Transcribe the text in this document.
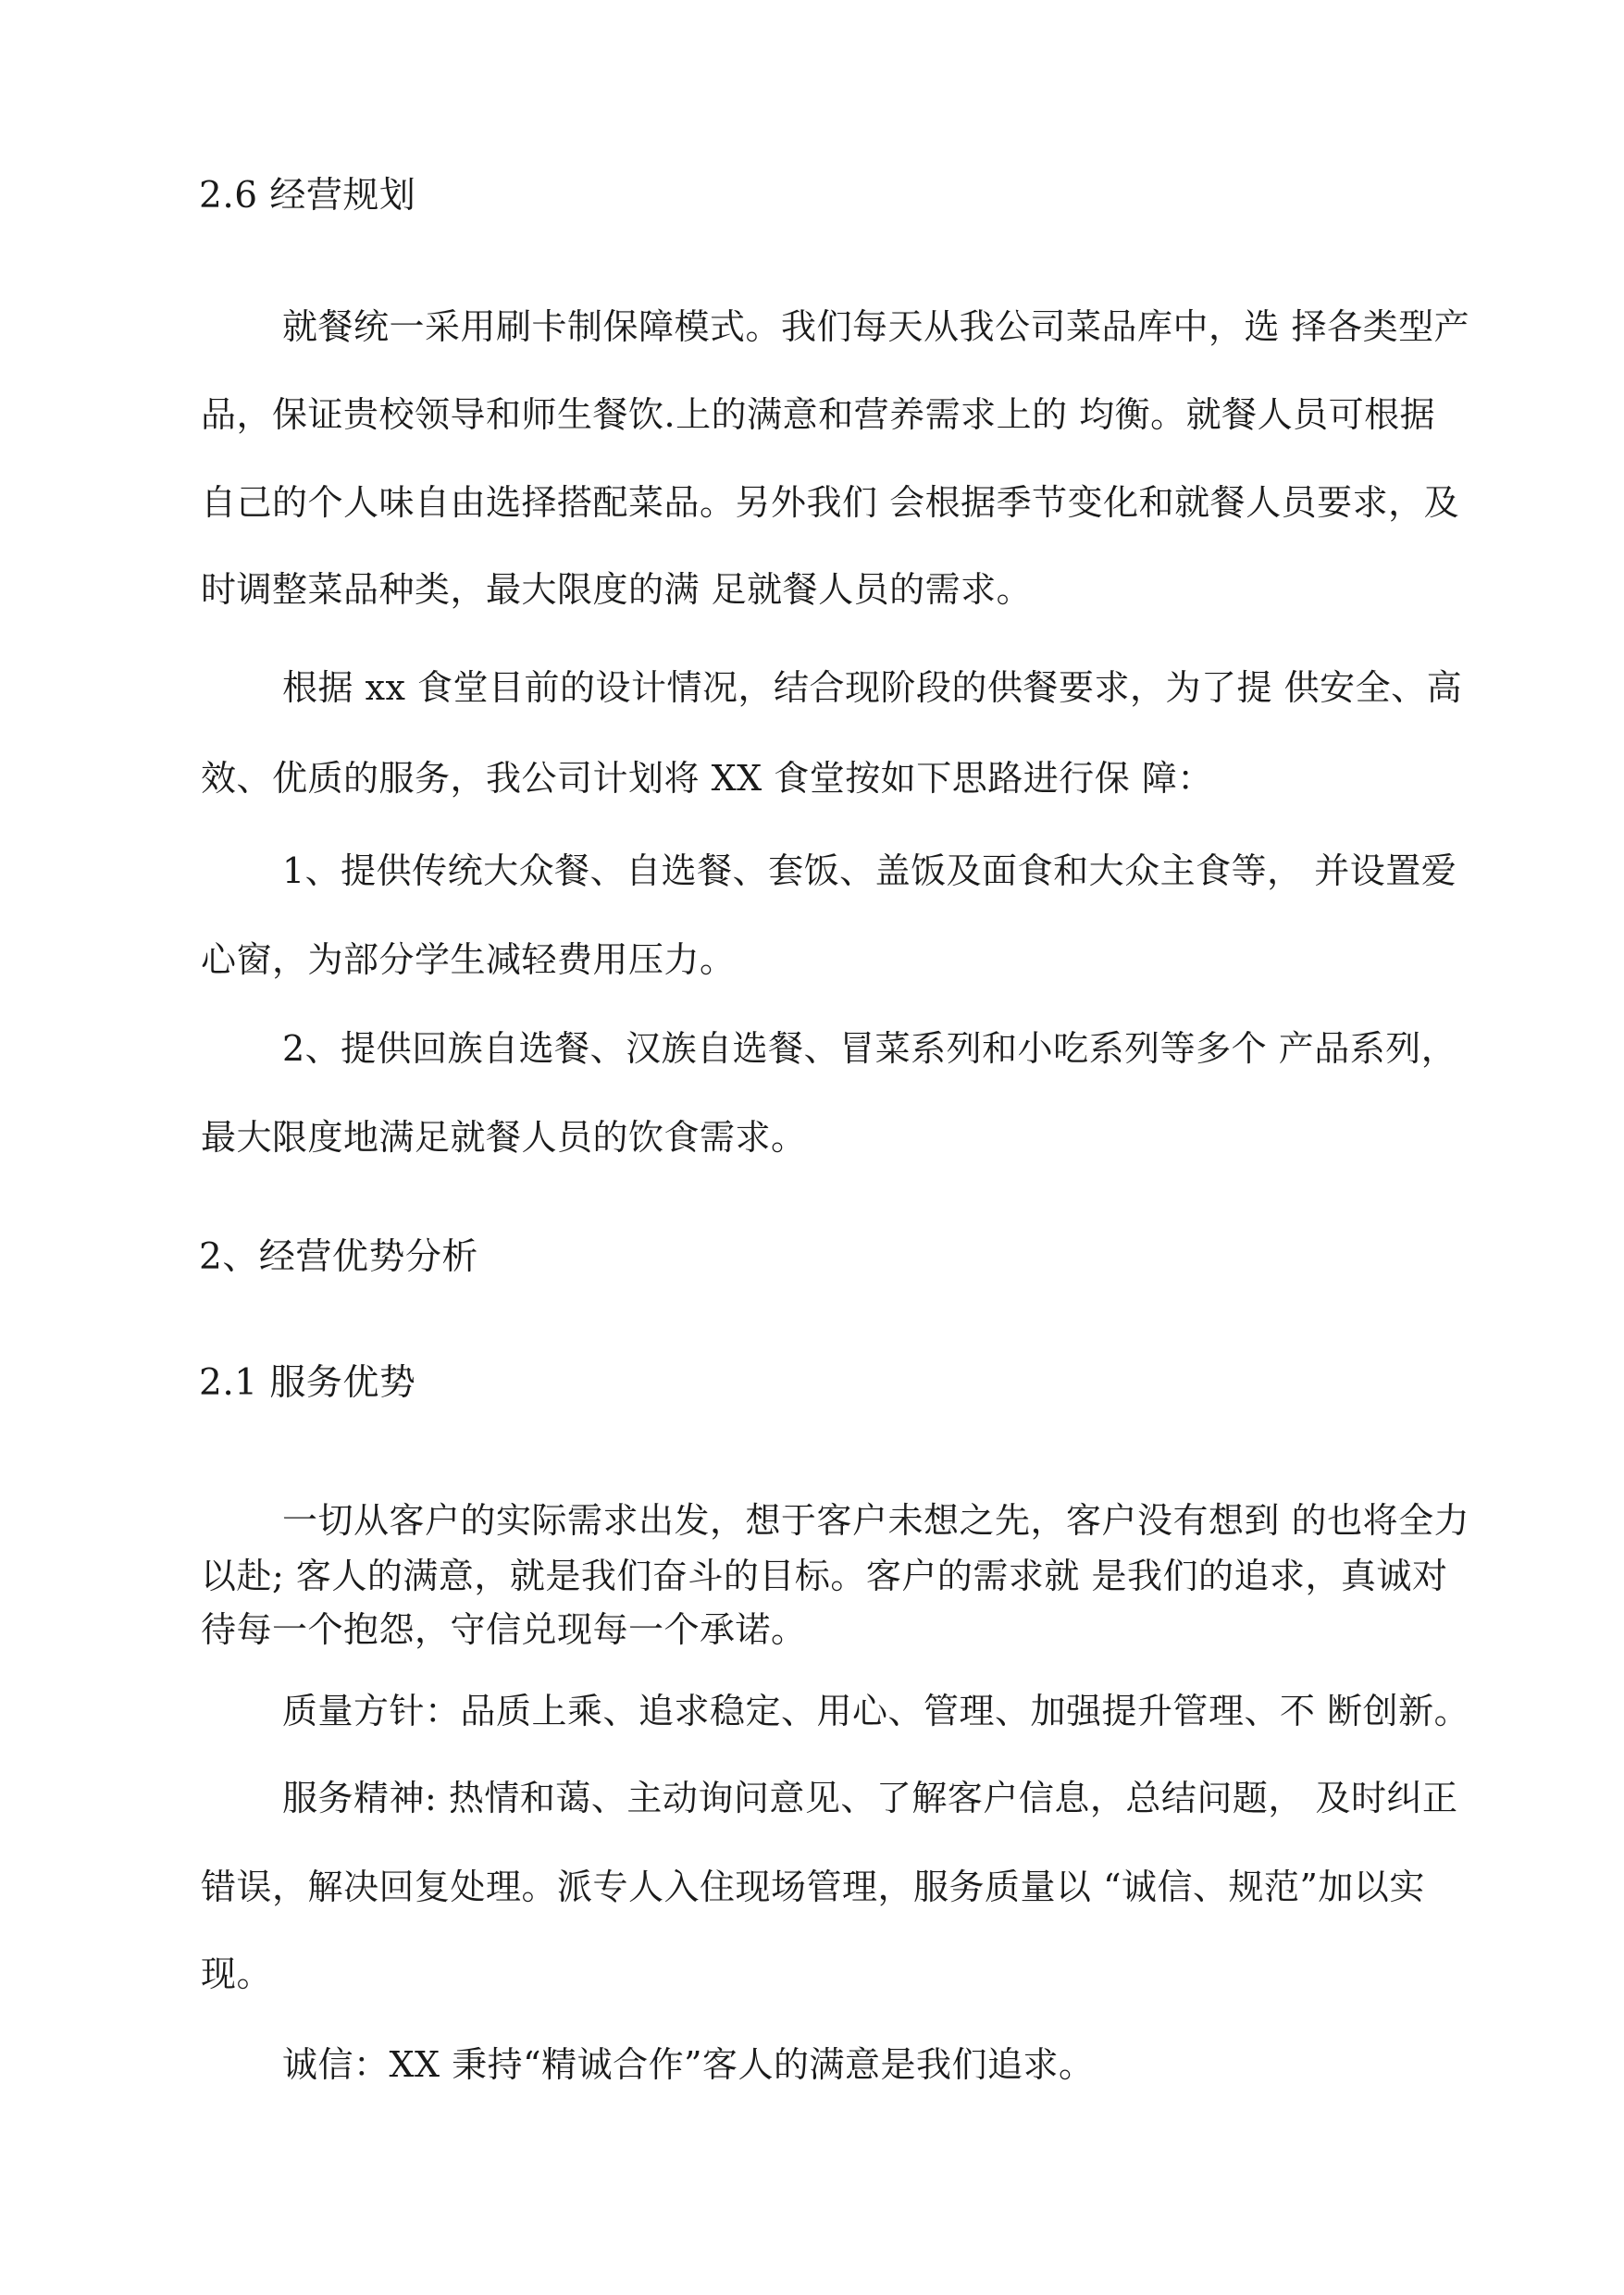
2.6 经营规划
就餐统一采用刷卡制保障模式。我们每天从我公司菜品库中，选 择各类型产
品，保证贵校领导和师生餐饮.上的满意和营养需求上的 均衡。就餐人员可根据
自己的个人味自由选择搭配菜品。另外我们 会根据季节变化和就餐人员要求，及
时调整菜品种类，最大限度的满 足就餐人员的需求。
根据 xx 食堂目前的设计情况，结合现阶段的供餐要求，为了提 供安全、高
效、优质的服务，我公司计划将 XX 食堂按如下思路进行保 障：
1、提供传统大众餐、自选餐、套饭、盖饭及面食和大众主食等， 并设置爱
心窗，为部分学生减轻费用压力。
2、提供回族自选餐、汉族自选餐、冒菜系列和小吃系列等多个 产品系列，
最大限度地满足就餐人员的饮食需求。
2、经营优势分析
2.1 服务优势
一切从客户的实际需求出发，想于客户未想之先，客户没有想到 的也将全力
以赴; 客人的满意，就是我们奋斗的目标。客户的需求就 是我们的追求，真诚对
待每一个抱怨，守信兑现每一个承诺。
质量方针：品质上乘、追求稳定、用心、管理、加强提升管理、不 断创新。
服务精神: 热情和蔼、主动询问意见、了解客户信息，总结问题， 及时纠正
错误，解决回复处理。派专人入住现场管理，服务质量以 “诚信、规范”加以实
现。
诚信：XX 秉持“精诚合作”客人的满意是我们追求。
